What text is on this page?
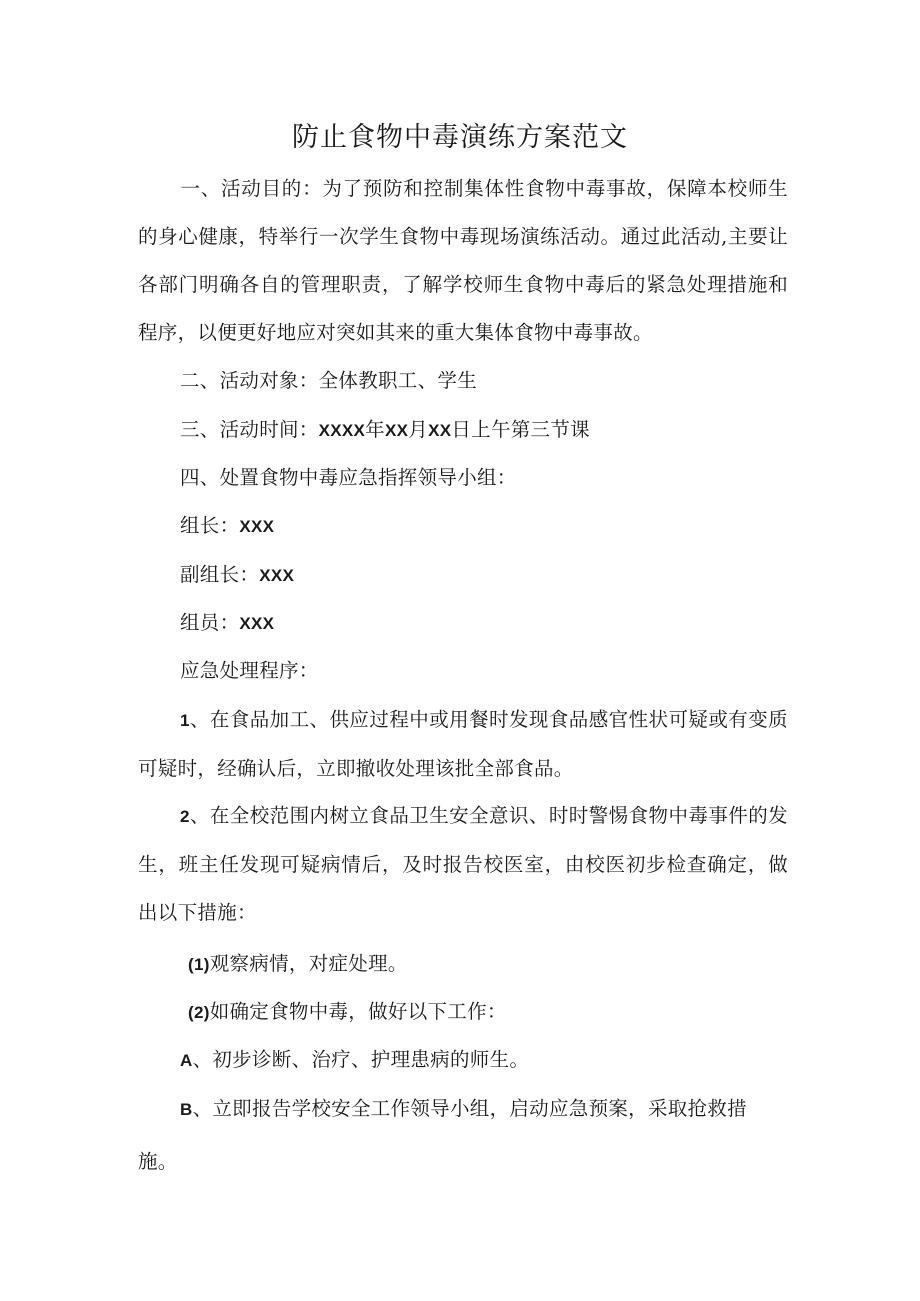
防止食物中毒演练方案范文

一、活动目的：为了预防和控制集体性食物中毒事故，保障本校师生的身心健康，特举行一次学生食物中毒现场演练活动。通过此活动,主要让各部门明确各自的管理职责，了解学校师生食物中毒后的紧急处理措施和程序，以便更好地应对突如其来的重大集体食物中毒事故。

二、活动对象：全体教职工、学生
三、活动时间：XXXX年XX月XX日上午第三节课
四、处置食物中毒应急指挥领导小组：
组长：XXX
副组长：XXX
组员：XXX
应急处理程序：

1、在食品加工、供应过程中或用餐时发现食品感官性状可疑或有变质可疑时，经确认后，立即撤收处理该批全部食品。

2、在全校范围内树立食品卫生安全意识、时时警惕食物中毒事件的发生，班主任发现可疑病情后，及时报告校医室，由校医初步检查确定，做出以下措施：

(1)观察病情，对症处理。
(2)如确定食物中毒，做好以下工作：
A、初步诊断、治疗、护理患病的师生。
B、立即报告学校安全工作领导小组，启动应急预案，采取抢救措
施。
